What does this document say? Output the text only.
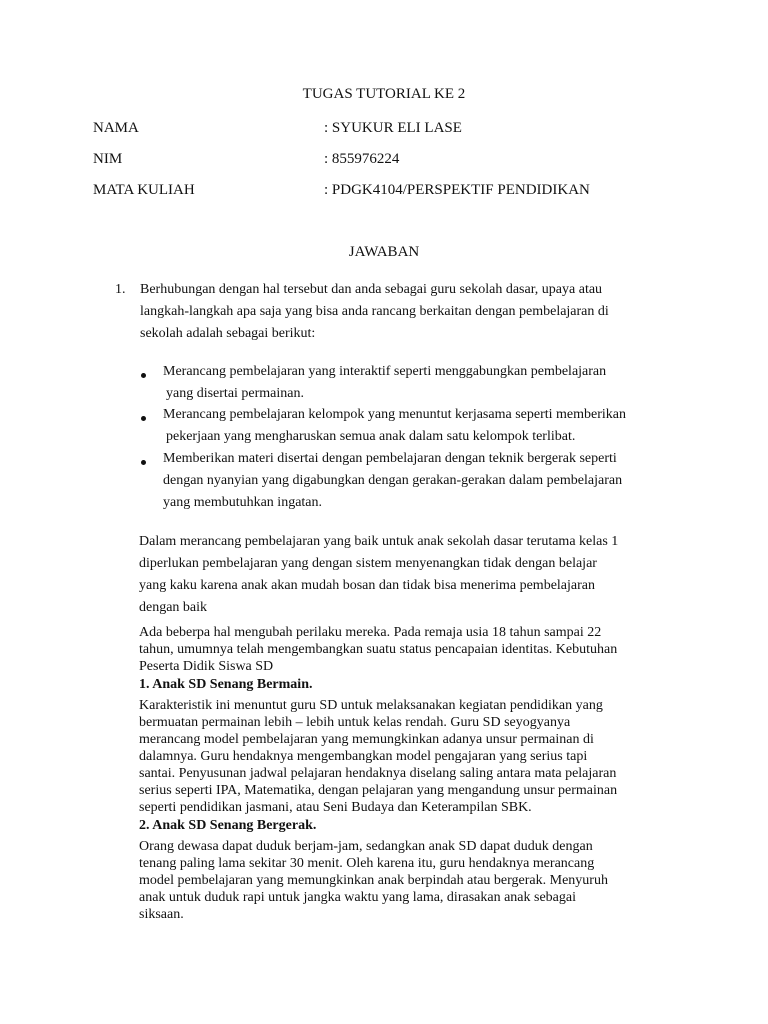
TUGAS TUTORIAL KE 2
NAMA	: SYUKUR ELI LASE
NIM	: 855976224
MATA KULIAH	: PDGK4104/PERSPEKTIF PENDIDIKAN
JAWABAN
1. Berhubungan dengan hal tersebut dan anda sebagai guru sekolah dasar, upaya atau
langkah-langkah apa saja yang bisa anda rancang berkaitan dengan pembelajaran di
sekolah adalah sebagai berikut:
Merancang pembelajaran yang interaktif seperti menggabungkan pembelajaran
yang disertai permainan.
Merancang pembelajaran kelompok yang menuntut kerjasama seperti memberikan
pekerjaan yang mengharuskan semua anak dalam satu kelompok terlibat.
Memberikan materi disertai dengan pembelajaran dengan teknik bergerak seperti
dengan nyanyian yang digabungkan dengan gerakan-gerakan dalam pembelajaran
yang membutuhkan ingatan.
Dalam merancang pembelajaran yang baik untuk anak sekolah dasar terutama kelas 1
diperlukan pembelajaran yang dengan sistem menyenangkan tidak dengan belajar
yang kaku karena anak akan mudah bosan dan tidak bisa menerima pembelajaran
dengan baik
Ada beberpa hal mengubah perilaku mereka. Pada remaja usia 18 tahun sampai 22
tahun, umumnya telah mengembangkan suatu status pencapaian identitas. Kebutuhan
Peserta Didik Siswa SD
1. Anak SD Senang Bermain.
Karakteristik ini menuntut guru SD untuk melaksanakan kegiatan pendidikan yang
bermuatan permainan lebih – lebih untuk kelas rendah. Guru SD seyogyanya
merancang model pembelajaran yang memungkinkan adanya unsur permainan di
dalamnya. Guru hendaknya mengembangkan model pengajaran yang serius tapi
santai. Penyusunan jadwal pelajaran hendaknya diselang saling antara mata pelajaran
serius seperti IPA, Matematika, dengan pelajaran yang mengandung unsur permainan
seperti pendidikan jasmani, atau Seni Budaya dan Keterampilan SBK.
2. Anak SD Senang Bergerak.
Orang dewasa dapat duduk berjam-jam, sedangkan anak SD dapat duduk dengan
tenang paling lama sekitar 30 menit. Oleh karena itu, guru hendaknya merancang
model pembelajaran yang memungkinkan anak berpindah atau bergerak. Menyuruh
anak untuk duduk rapi untuk jangka waktu yang lama, dirasakan anak sebagai
siksaan.
